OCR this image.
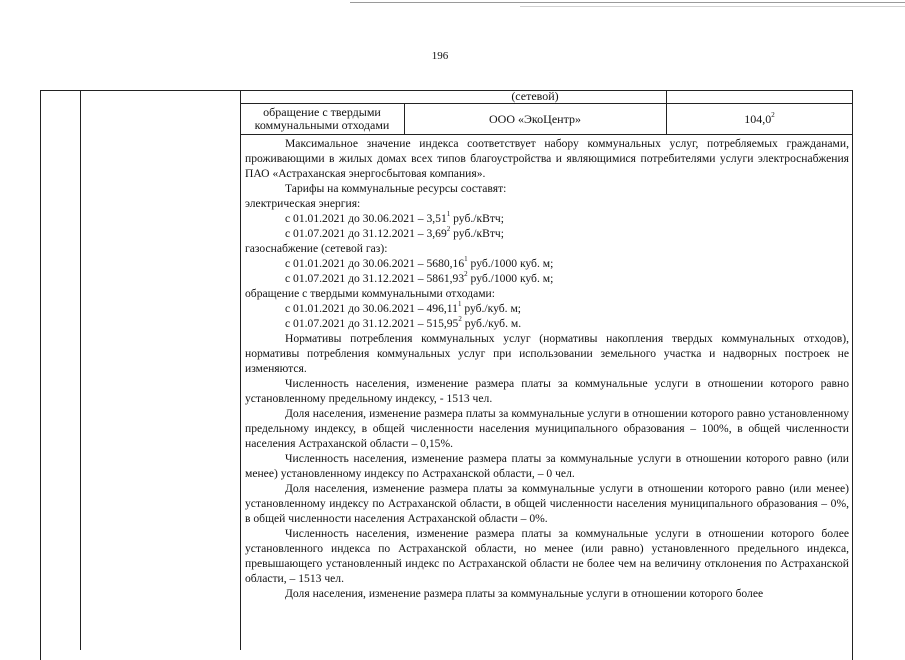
196
(сетевой)
обращение с твердыми коммунальными отходами	ООО «ЭкоЦентр»	104,0$^2$

Максимальное значение индекса соответствует набору коммунальных услуг, потребляемых гражданами, проживающими в жилых домах всех типов благоустройства и являющимися потребителями услуги электроснабжения ПАО «Астраханская энергосбытовая компания».

Тарифы на коммунальные ресурсы составят:

электрическая энергия:

с 01.01.2021 до 30.06.2021 – 3,51$^1$ руб./кВтч;

с 01.07.2021 до 31.12.2021 – 3,69$^2$ руб./кВтч;

газоснабжение (сетевой газ):

с 01.01.2021 до 30.06.2021 – 5680,16$^1$ руб./1000 куб. м;

с 01.07.2021 до 31.12.2021 – 5861,93$^2$ руб./1000 куб. м;

обращение с твердыми коммунальными отходами:

с 01.01.2021 до 30.06.2021 – 496,11$^1$ руб./куб. м;

с 01.07.2021 до 31.12.2021 – 515,95$^2$ руб./куб. м.

Нормативы потребления коммунальных услуг (нормативы накопления твердых коммунальных отходов), нормативы потребления коммунальных услуг при использовании земельного участка и надворных построек не изменяются.

Численность населения, изменение размера платы за коммунальные услуги в отношении которого равно установленному предельному индексу, - 1513 чел.

Доля населения, изменение размера платы за коммунальные услуги в отношении которого равно установленному предельному индексу, в общей численности населения муниципального образования – 100%, в общей численности населения Астраханской области – 0,15%.

Численность населения, изменение размера платы за коммунальные услуги в отношении которого равно (или менее) установленному индексу по Астраханской области, – 0 чел.

Доля населения, изменение размера платы за коммунальные услуги в отношении которого равно (или менее) установленному индексу по Астраханской области, в общей численности населения муниципального образования – 0%, в общей численности населения Астраханской области – 0%.

Численность населения, изменение размера платы за коммунальные услуги в отношении которого более установленного индекса по Астраханской области, но менее (или равно) установленного предельного индекса, превышающего установленный индекс по Астраханской области не более чем на величину отклонения по Астраханской области, – 1513 чел.

Доля населения, изменение размера платы за коммунальные услуги в отношении которого более
